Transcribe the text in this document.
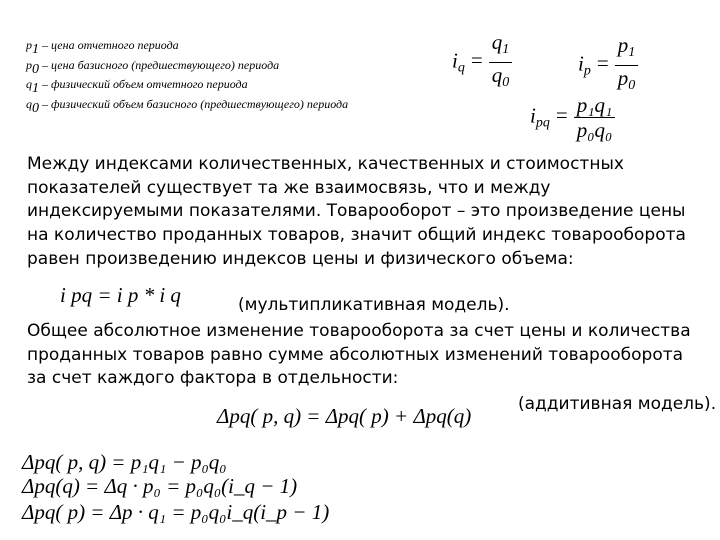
$p_1$ – цена отчетного периода
$p_0$ – цена базисного (предшествующего) периода
$q_1$ – физический объем отчетного периода
$q_0$ – физический объем базисного (предшествующего) периода
$i_q = \frac{q_1}{q_0}$	$i_p = \frac{p_1}{p_0}$
$i_{pq} = \frac{\text{p₁q₁}}{\text{p₀q₀}}$
Между индексами количественных, качественных и стоимостных
показателей существует та же взаимосвязь, что и между
индексируемыми показателями. Товарооборот – это произведение цены
на количество проданных товаров, значит общий индекс товарооборота
равен произведению индексов цены и физического объема:
i pq = i p * i q	(мультипликативная модель).
Общее абсолютное изменение товарооборота за счет цены и количества
проданных товаров равно сумме абсолютных изменений товарооборота
за счет каждого фактора в отдельности:
(аддитивная модель).
Δpq( p, q) = Δpq( p) + Δpq(q)
Δpq( p, q) = p₁q₁ − p₀q₀
Δpq(q) = Δq · p₀ = p₀q₀(i_q − 1)
Δpq( p) = Δp · q₁ = p₀q₀i_q(i_p − 1)
